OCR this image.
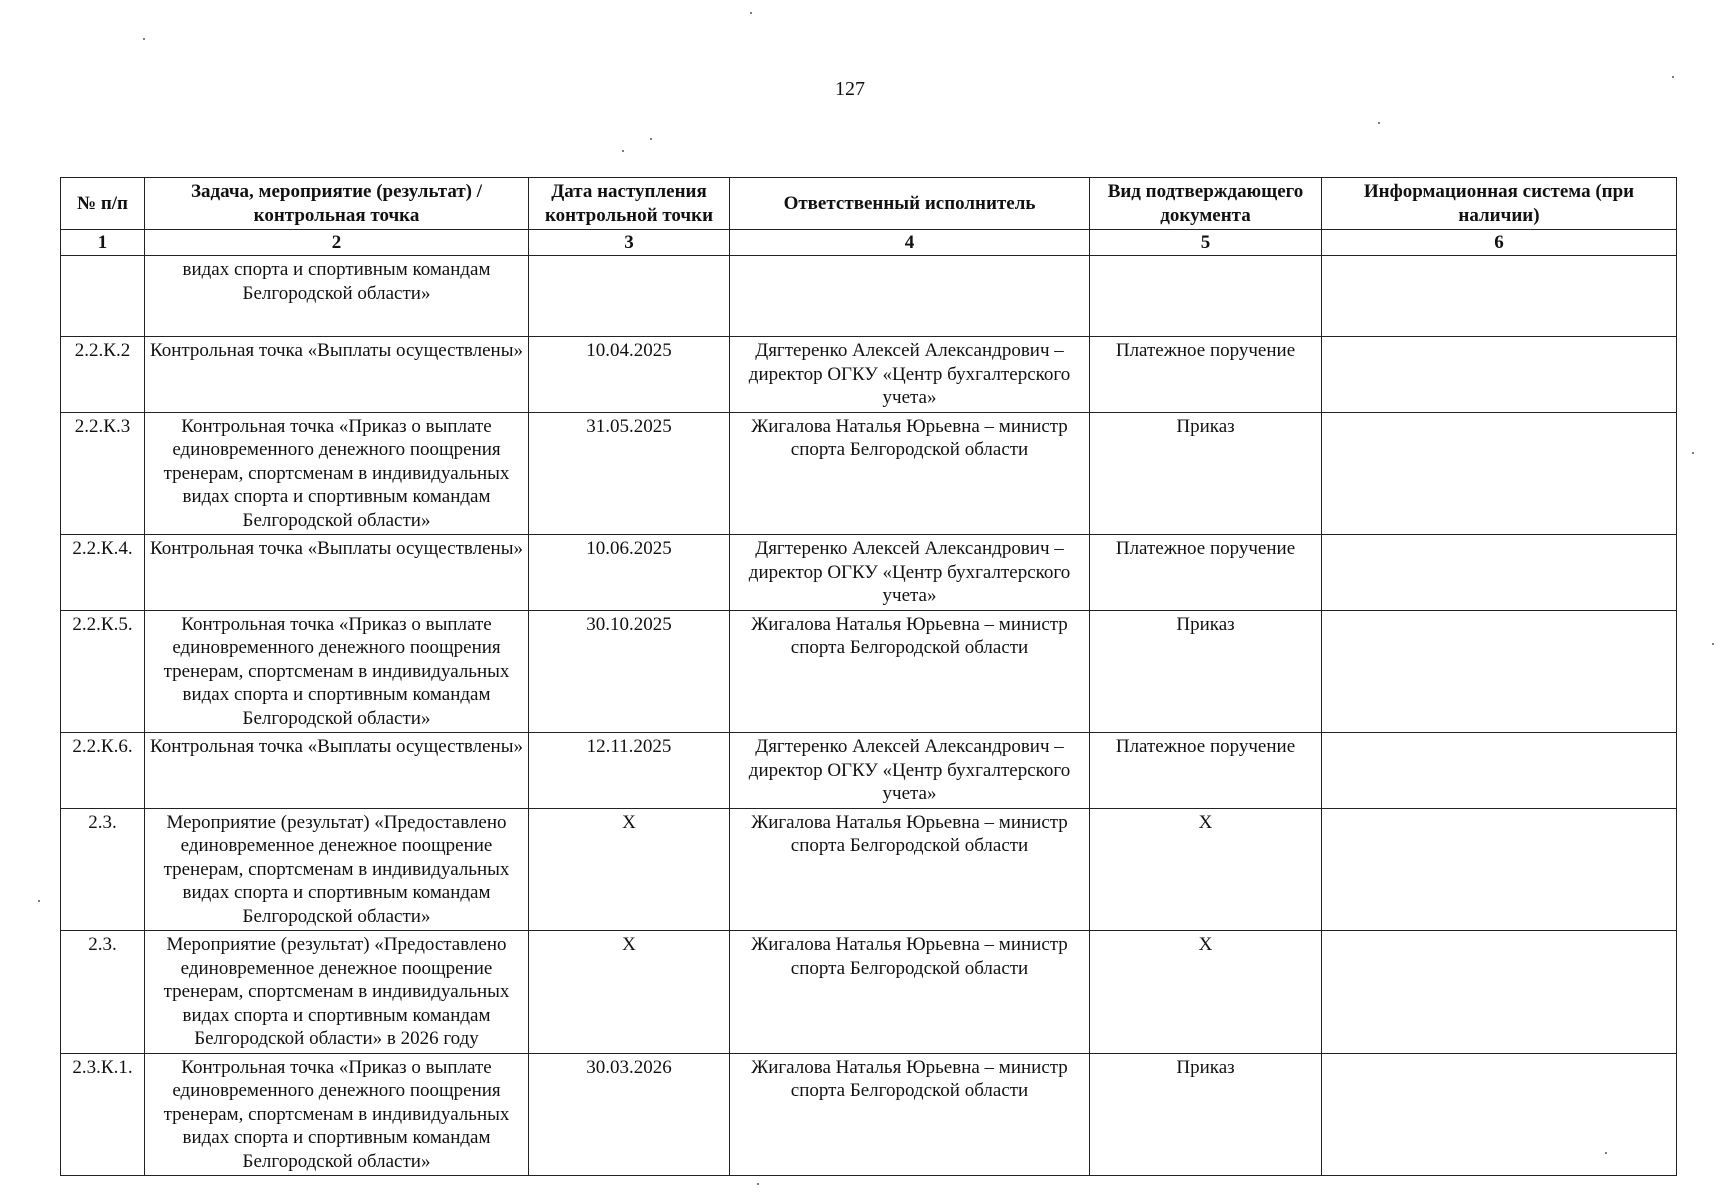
127
№ п/п	Задача, мероприятие (результат) / контрольная точка	Дата наступления контрольной точки	Ответственный исполнитель	Вид подтверждающего документа	Информационная система (при наличии)
1	2	3	4	5	6
	видах спорта и спортивным командам Белгородской области»				
2.2.К.2	Контрольная точка «Выплаты осуществлены»	10.04.2025	Дягтеренко Алексей Александрович – директор ОГКУ «Центр бухгалтерского учета»	Платежное поручение	
2.2.К.3	Контрольная точка «Приказ о выплате единовременного денежного поощрения тренерам, спортсменам в индивидуальных видах спорта и спортивным командам Белгородской области»	31.05.2025	Жигалова Наталья Юрьевна – министр спорта Белгородской области	Приказ	
2.2.К.4.	Контрольная точка «Выплаты осуществлены»	10.06.2025	Дягтеренко Алексей Александрович – директор ОГКУ «Центр бухгалтерского учета»	Платежное поручение	
2.2.К.5.	Контрольная точка «Приказ о выплате единовременного денежного поощрения тренерам, спортсменам в индивидуальных видах спорта и спортивным командам Белгородской области»	30.10.2025	Жигалова Наталья Юрьевна – министр спорта Белгородской области	Приказ	
2.2.К.6.	Контрольная точка «Выплаты осуществлены»	12.11.2025	Дягтеренко Алексей Александрович – директор ОГКУ «Центр бухгалтерского учета»	Платежное поручение	
2.3.	Мероприятие (результат) «Предоставлено единовременное денежное поощрение тренерам, спортсменам в индивидуальных видах спорта и спортивным командам Белгородской области»	Х	Жигалова Наталья Юрьевна – министр спорта Белгородской области	Х	
2.3.	Мероприятие (результат) «Предоставлено единовременное денежное поощрение тренерам, спортсменам в индивидуальных видах спорта и спортивным командам Белгородской области» в 2026 году	Х	Жигалова Наталья Юрьевна – министр спорта Белгородской области	Х	
2.3.К.1.	Контрольная точка «Приказ о выплате единовременного денежного поощрения тренерам, спортсменам в индивидуальных видах спорта и спортивным командам Белгородской области»	30.03.2026	Жигалова Наталья Юрьевна – министр спорта Белгородской области	Приказ	
